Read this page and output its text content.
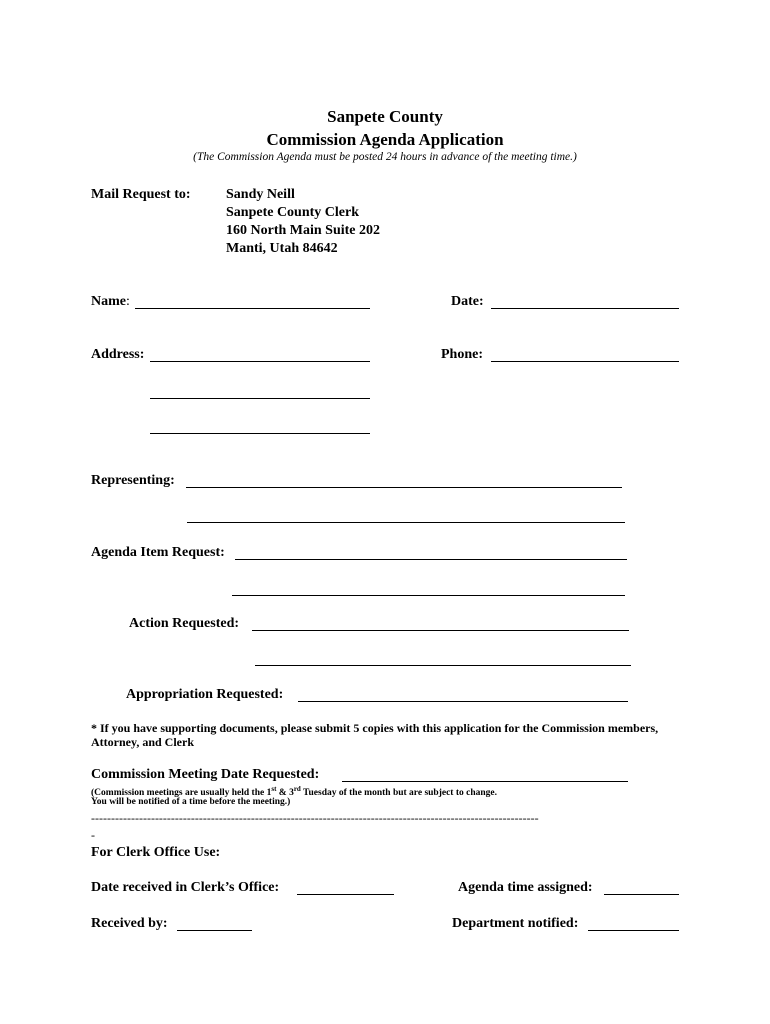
Sanpete County
Commission Agenda Application
(The Commission Agenda must be posted 24 hours in advance of the meeting time.)
Mail Request to:	Sandy Neill
Sanpete County Clerk
160 North Main Suite 202
Manti, Utah 84642
Name:	Date:
Address:	Phone:
Representing:
Agenda Item Request:
Action Requested:
Appropriation Requested:
* If you have supporting documents, please submit 5 copies with this application for the Commission members,
Attorney, and Clerk
Commission Meeting Date Requested:
(Commission meetings are usually held the 1st & 3rd Tuesday of the month but are subject to change.
You will be notified of a time before the meeting.)
----------------------------------------------------------------------------------------------------------------
-
For Clerk Office Use:
Date received in Clerk’s Office:	Agenda time assigned:
Received by:	Department notified:
